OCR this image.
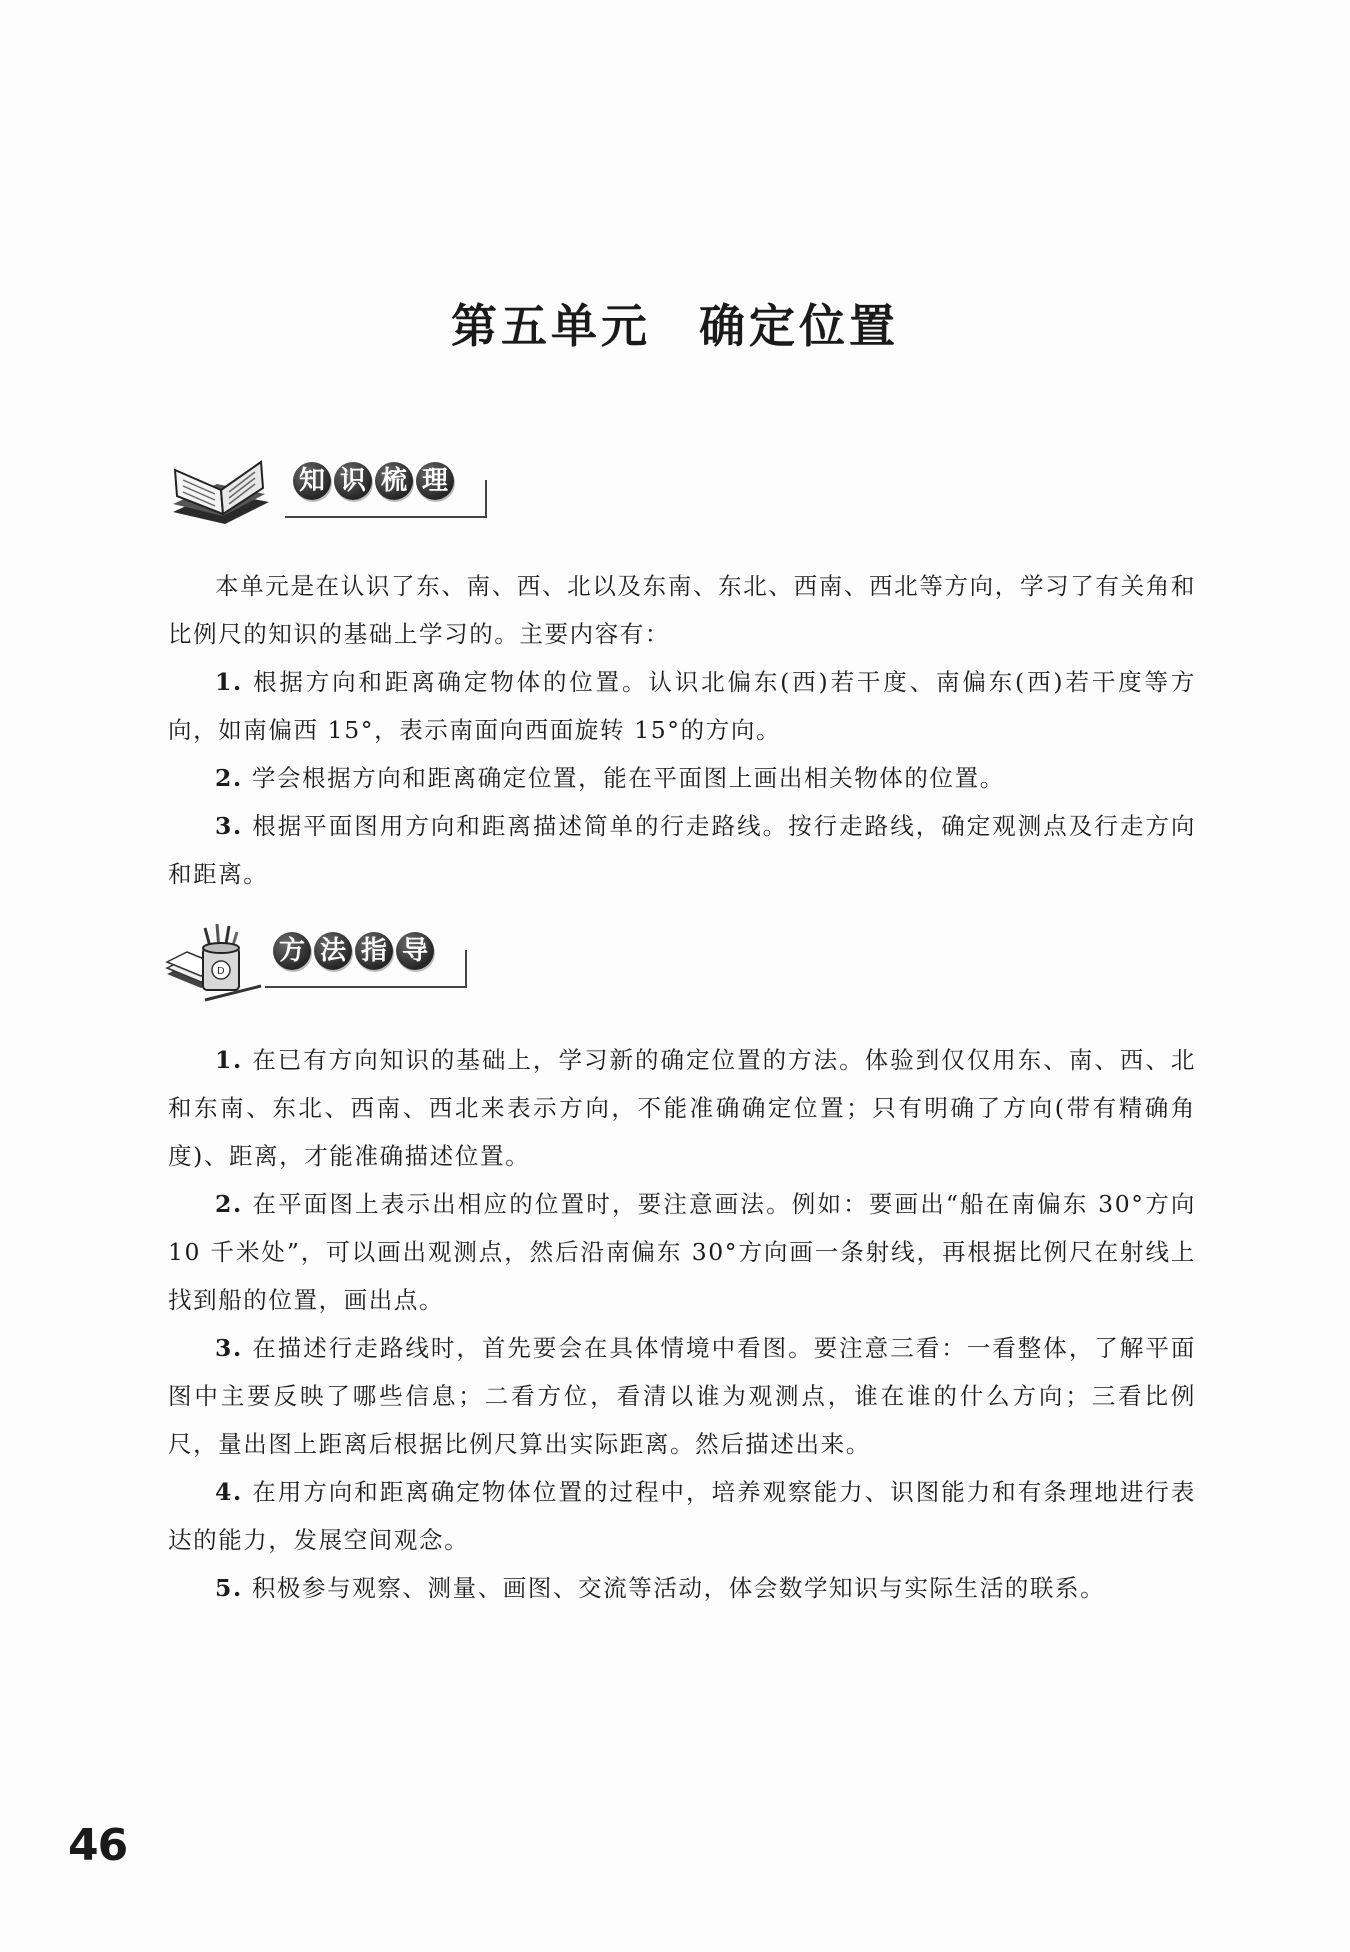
第五单元 确定位置
知 识 梳 理

本单元是在认识了东、南、西、北以及东南、东北、西南、西北等方向，学习了有关角和比例尺的知识的基础上学习的。主要内容有：

1. 根据方向和距离确定物体的位置。认识北偏东(西)若干度、南偏东(西)若干度等方向，如南偏西 15°，表示南面向西面旋转 15°的方向。

2. 学会根据方向和距离确定位置，能在平面图上画出相关物体的位置。

3. 根据平面图用方向和距离描述简单的行走路线。按行走路线，确定观测点及行走方向和距离。

D
方 法 指 导

1. 在已有方向知识的基础上，学习新的确定位置的方法。体验到仅仅用东、南、西、北和东南、东北、西南、西北来表示方向，不能准确确定位置；只有明确了方向(带有精确角度)、距离，才能准确描述位置。

2. 在平面图上表示出相应的位置时，要注意画法。例如：要画出“船在南偏东 30°方向 10 千米处”，可以画出观测点，然后沿南偏东 30°方向画一条射线，再根据比例尺在射线上找到船的位置，画出点。

3. 在描述行走路线时，首先要会在具体情境中看图。要注意三看：一看整体，了解平面图中主要反映了哪些信息；二看方位，看清以谁为观测点，谁在谁的什么方向；三看比例尺，量出图上距离后根据比例尺算出实际距离。然后描述出来。

4. 在用方向和距离确定物体位置的过程中，培养观察能力、识图能力和有条理地进行表达的能力，发展空间观念。

5. 积极参与观察、测量、画图、交流等活动，体会数学知识与实际生活的联系。

46
